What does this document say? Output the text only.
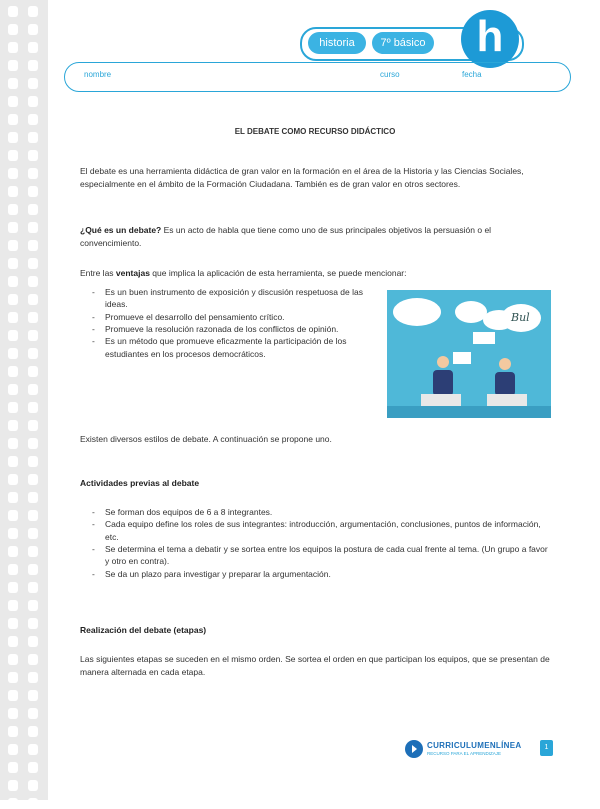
historia	7º básico	h
nombre	curso	fecha
EL DEBATE COMO RECURSO DIDÁCTICO
El debate es una herramienta didáctica de gran valor en la formación en el área de la Historia y las Ciencias Sociales, especialmente en el ámbito de la Formación Ciudadana. También es de gran valor en otros sectores.
¿Qué es un debate? Es un acto de habla que tiene como uno de sus principales objetivos la persuasión o el convencimiento.
Entre las ventajas que implica la aplicación de esta herramienta, se puede mencionar:
- Es un buen instrumento de exposición y discusión respetuosa de las ideas.
- Promueve el desarrollo del pensamiento crítico.
- Promueve la resolución razonada de los conflictos de opinión.
- Es un método que promueve eficazmente la participación de los estudiantes en los procesos democráticos.
Bul
Existen diversos estilos de debate. A continuación se propone uno.
Actividades previas al debate
- Se forman dos equipos de 6 a 8 integrantes.
- Cada equipo define los roles de sus integrantes: introducción, argumentación, conclusiones, puntos de información, etc.
- Se determina el tema a debatir y se sortea entre los equipos la postura de cada cual frente al tema. (Un grupo a favor y otro en contra).
- Se da un plazo para investigar y preparar la argumentación.
Realización del debate (etapas)
Las siguientes etapas se suceden en el mismo orden. Se sortea el orden en que participan los equipos, que se presentan de manera alternada en cada etapa.
CURRICULUMENLÍNEA
RECURSO PARA EL APRENDIZAJE
1
